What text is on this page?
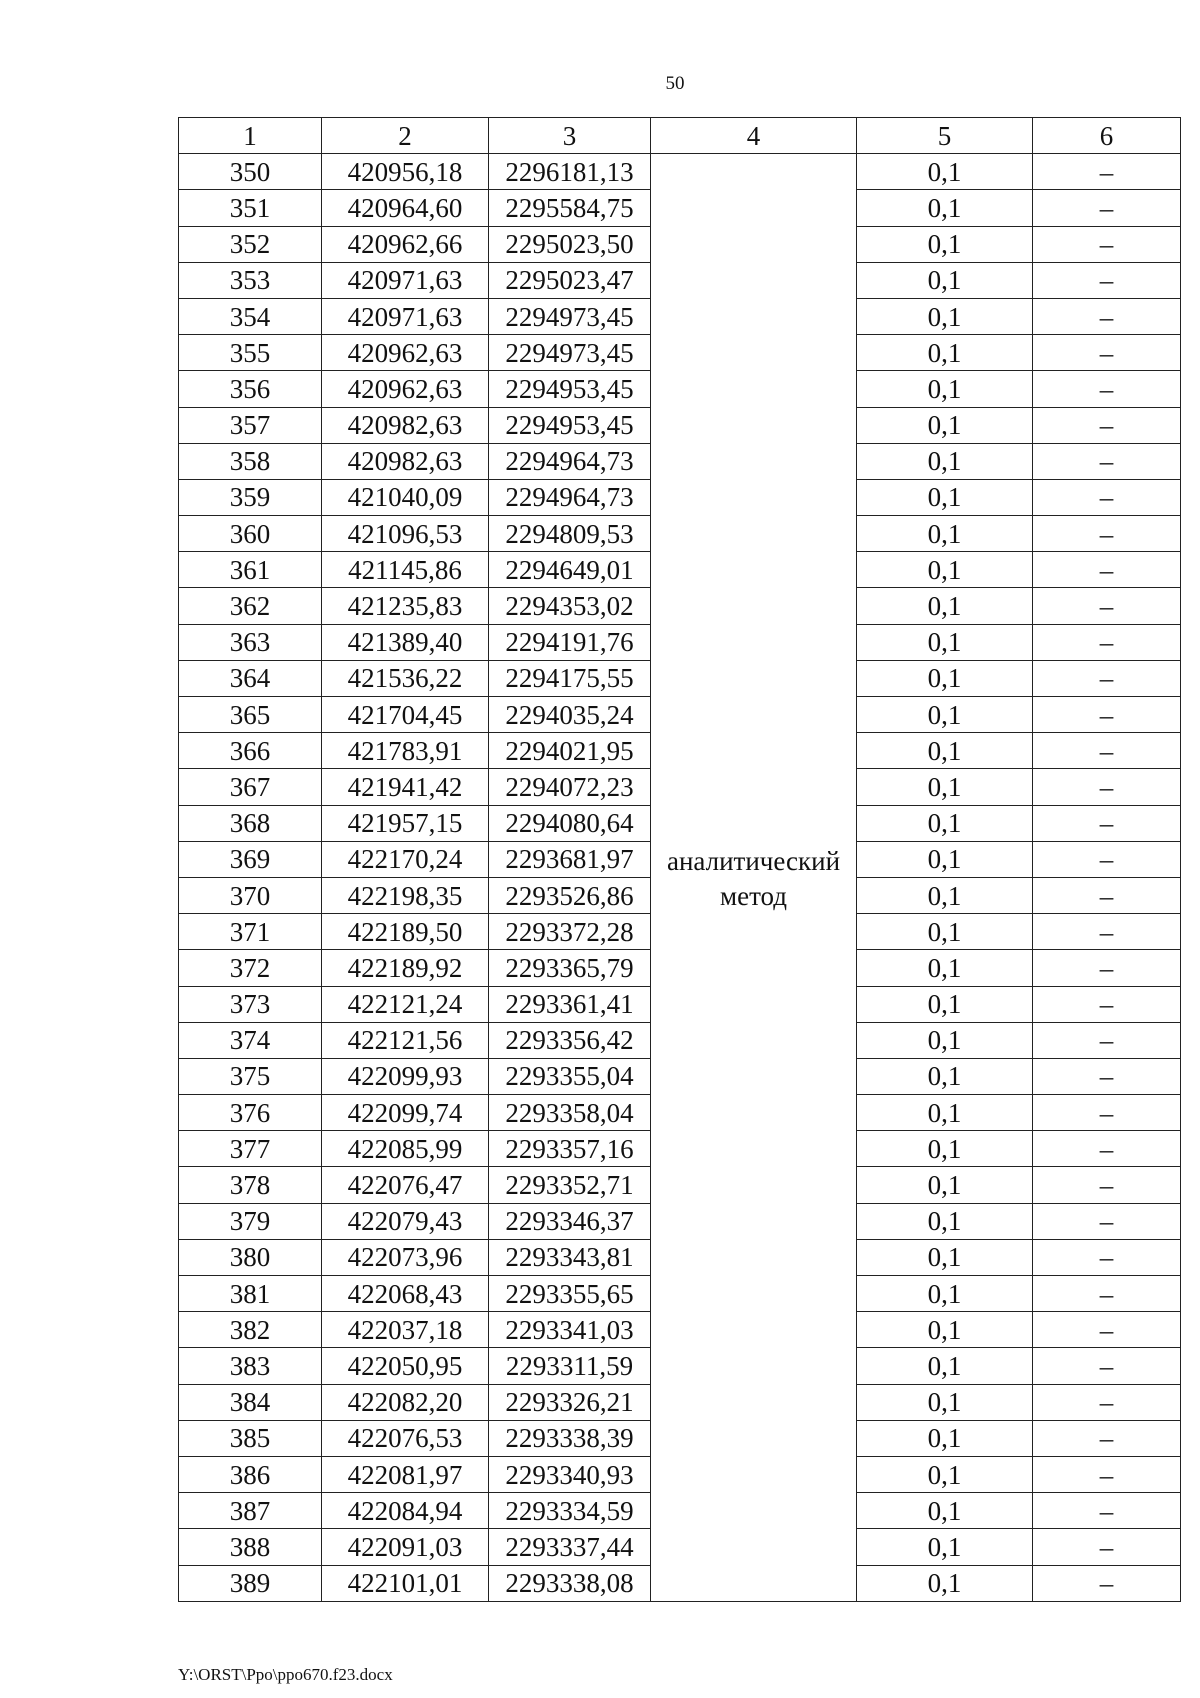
50
1	2	3	4	5	6
350	420956,18	2296181,13	аналитический метод	0,1	–
351	420964,60	2295584,75		0,1	–
352	420962,66	2295023,50		0,1	–
353	420971,63	2295023,47		0,1	–
354	420971,63	2294973,45		0,1	–
355	420962,63	2294973,45		0,1	–
356	420962,63	2294953,45		0,1	–
357	420982,63	2294953,45		0,1	–
358	420982,63	2294964,73		0,1	–
359	421040,09	2294964,73		0,1	–
360	421096,53	2294809,53		0,1	–
361	421145,86	2294649,01		0,1	–
362	421235,83	2294353,02		0,1	–
363	421389,40	2294191,76		0,1	–
364	421536,22	2294175,55		0,1	–
365	421704,45	2294035,24		0,1	–
366	421783,91	2294021,95		0,1	–
367	421941,42	2294072,23		0,1	–
368	421957,15	2294080,64		0,1	–
369	422170,24	2293681,97		0,1	–
370	422198,35	2293526,86		0,1	–
371	422189,50	2293372,28		0,1	–
372	422189,92	2293365,79		0,1	–
373	422121,24	2293361,41		0,1	–
374	422121,56	2293356,42		0,1	–
375	422099,93	2293355,04		0,1	–
376	422099,74	2293358,04		0,1	–
377	422085,99	2293357,16		0,1	–
378	422076,47	2293352,71		0,1	–
379	422079,43	2293346,37		0,1	–
380	422073,96	2293343,81		0,1	–
381	422068,43	2293355,65		0,1	–
382	422037,18	2293341,03		0,1	–
383	422050,95	2293311,59		0,1	–
384	422082,20	2293326,21		0,1	–
385	422076,53	2293338,39		0,1	–
386	422081,97	2293340,93		0,1	–
387	422084,94	2293334,59		0,1	–
388	422091,03	2293337,44		0,1	–
389	422101,01	2293338,08		0,1	–
Y:\ORST\Ppo\ppo670.f23.docx
